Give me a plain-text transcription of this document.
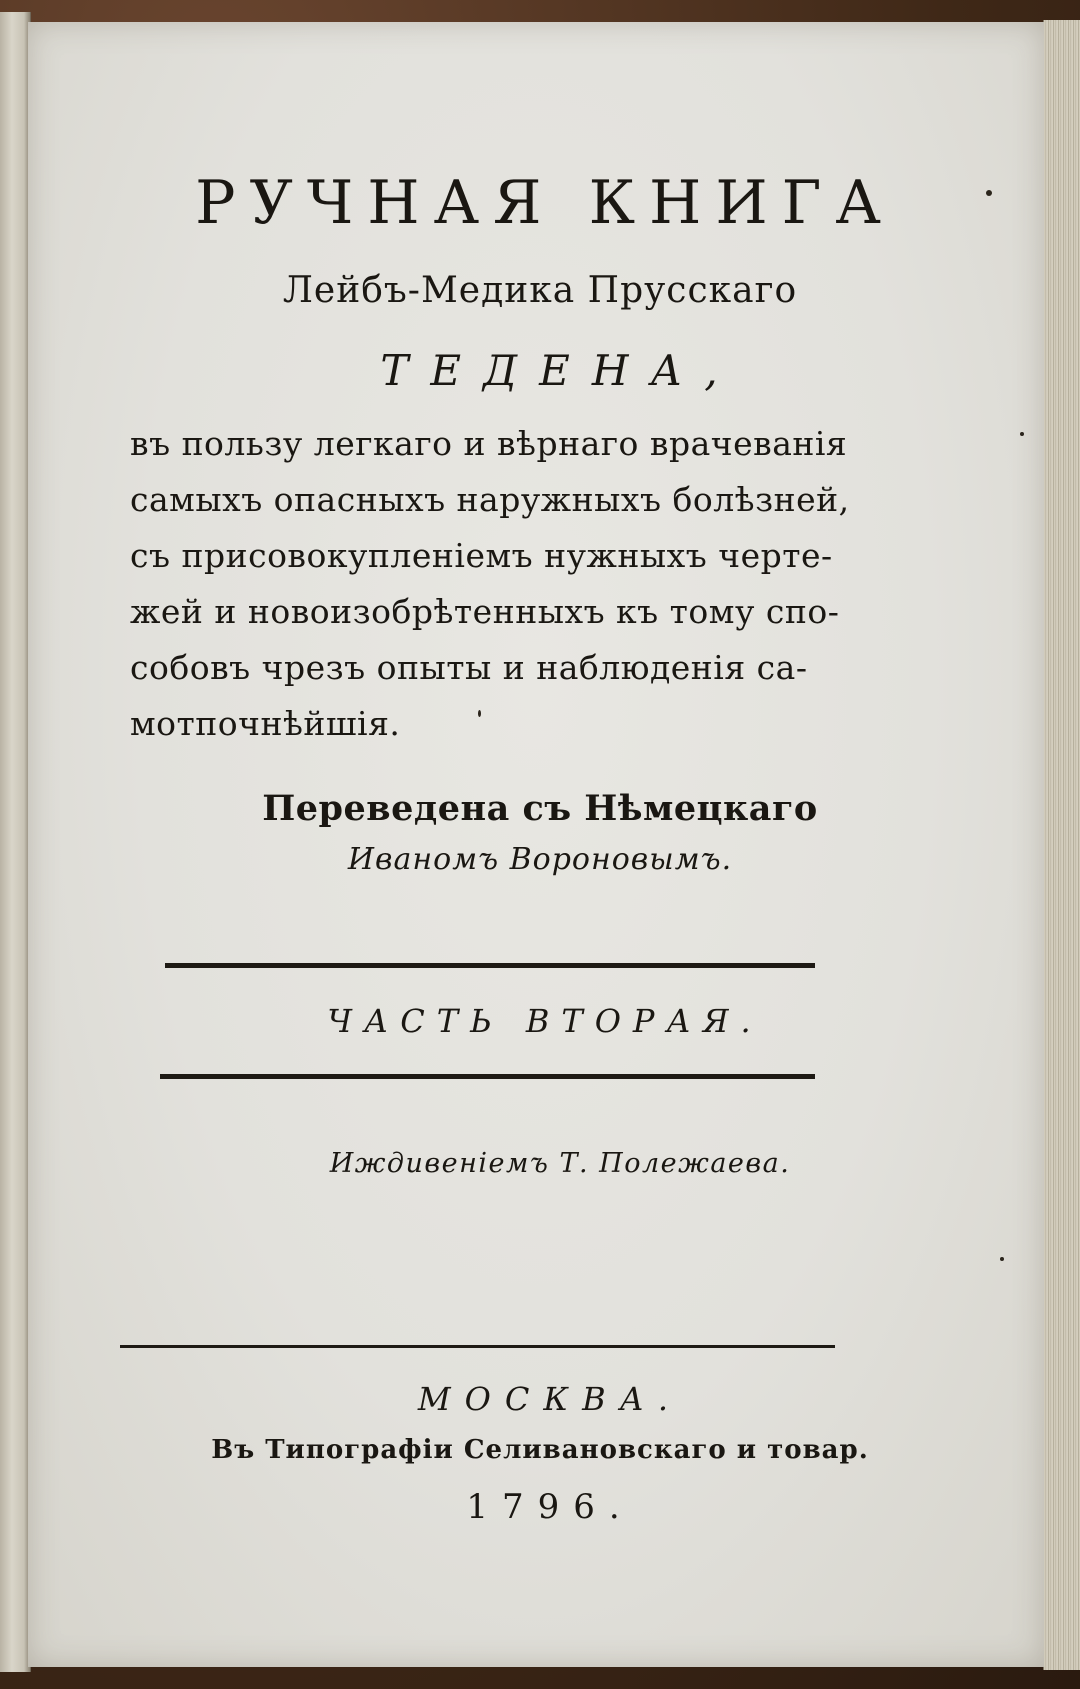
РУЧНАЯ КНИГА
Лейбъ-Медика Прусскаго
ТЕДЕНА,
въ пользу легкаго и вѣрнаго врачеванія
самыхъ опасныхъ наружныхъ болѣзней,
съ присовокупленіемъ нужныхъ черте-
жей и новоизобрѣтенныхъ къ тому спо-
собовъ чрезъ опыты и наблюденія са-
мотпочнѣйшія.
Переведена съ Нѣмецкаго
Иваномъ Вороновымъ.
ЧАСТЬ ВТОРАЯ.
Иждивеніемъ Т. Полежаева.
МОСКВА.
Въ Типографіи Селивановскаго и товар.
1796.
